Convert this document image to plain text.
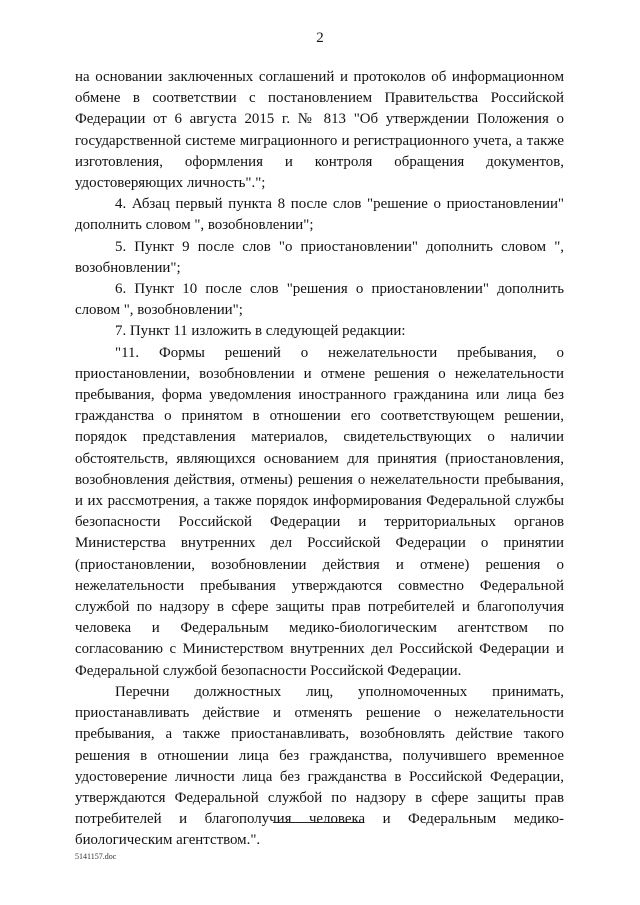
2

на основании заключенных соглашений и протоколов об информационном обмене в соответствии с постановлением Правительства Российской Федерации от 6 августа 2015 г. № 813 "Об утверждении Положения о государственной системе миграционного и регистрационного учета, а также изготовления, оформления и контроля обращения документов, удостоверяющих личность".";

4. Абзац первый пункта 8 после слов "решение о приостановлении" дополнить словом ", возобновлении";

5. Пункт 9 после слов "о приостановлении" дополнить словом ", возобновлении";

6. Пункт 10 после слов "решения о приостановлении" дополнить словом ", возобновлении";

7. Пункт 11 изложить в следующей редакции:

"11. Формы решений о нежелательности пребывания, о приостановлении, возобновлении и отмене решения о нежелательности пребывания, форма уведомления иностранного гражданина или лица без гражданства о принятом в отношении его соответствующем решении, порядок представления материалов, свидетельствующих о наличии обстоятельств, являющихся основанием для принятия (приостановления, возобновления действия, отмены) решения о нежелательности пребывания, и их рассмотрения, а также порядок информирования Федеральной службы безопасности Российской Федерации и территориальных органов Министерства внутренних дел Российской Федерации о принятии (приостановлении, возобновлении действия и отмене) решения о нежелательности пребывания утверждаются совместно Федеральной службой по надзору в сфере защиты прав потребителей и благополучия человека и Федеральным медико-биологическим агентством по согласованию с Министерством внутренних дел Российской Федерации и Федеральной службой безопасности Российской Федерации.

Перечни должностных лиц, уполномоченных принимать, приостанавливать действие и отменять решение о нежелательности пребывания, а также приостанавливать, возобновлять действие такого решения в отношении лица без гражданства, получившего временное удостоверение личности лица без гражданства в Российской Федерации, утверждаются Федеральной службой по надзору в сфере защиты прав потребителей и благополучия человека и Федеральным медико-биологическим агентством.".

5141157.doc
